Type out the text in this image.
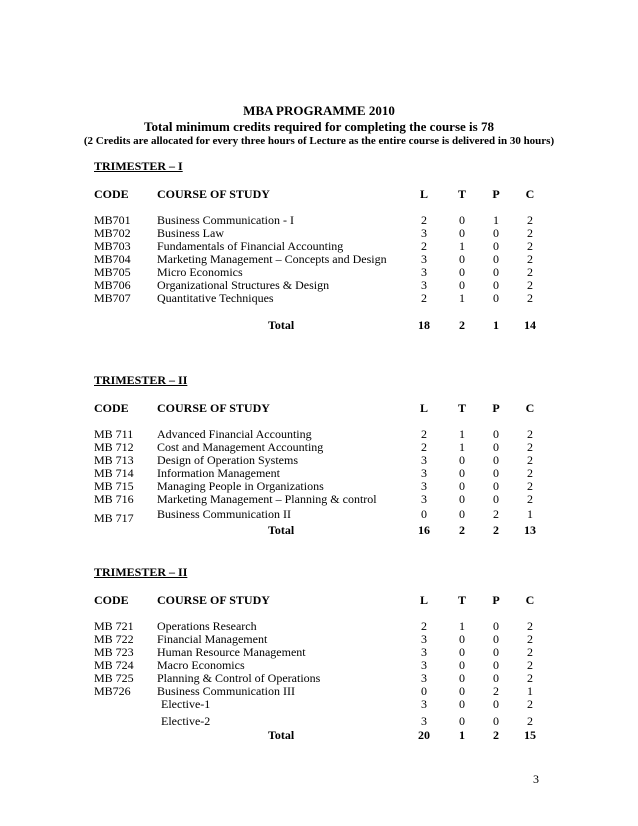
MBA PROGRAMME 2010
Total minimum credits required for completing the course is 78
(2 Credits are allocated for every three hours of Lecture as the entire course is delivered in 30 hours)
TRIMESTER – I
CODE COURSE OF STUDY	L	T	P	C
MB701 Business Communication - I	2	0	1	2
MB702 Business Law	3	0	0	2
MB703 Fundamentals of Financial Accounting	2	1	0	2
MB704 Marketing Management – Concepts and Design	3	0	0	2
MB705 Micro Economics	3	0	0	2
MB706 Organizational Structures & Design	3	0	0	2
MB707 Quantitative Techniques	2	1	0	2
Total	18	2	1	14
TRIMESTER – II
CODE COURSE OF STUDY	L	T	P	C
MB 711 Advanced Financial Accounting	2	1	0	2
MB 712 Cost and Management Accounting	2	1	0	2
MB 713 Design of Operation Systems	3	0	0	2
MB 714 Information Management	3	0	0	2
MB 715 Managing People in Organizations	3	0	0	2
MB 716 Marketing Management – Planning & control	3	0	0	2
MB 717 Business Communication II	0	0	2	1
Total	16	2	2	13
TRIMESTER – II
CODE COURSE OF STUDY	L	T	P	C
MB 721 Operations Research	2	1	0	2
MB 722 Financial Management	3	0	0	2
MB 723 Human Resource Management	3	0	0	2
MB 724 Macro Economics	3	0	0	2
MB 725 Planning & Control of Operations	3	0	0	2
MB726 Business Communication III	0	0	2	1
Elective-1	3	0	0	2
Elective-2	3	0	0	2
Total	20	1	2	15
3
